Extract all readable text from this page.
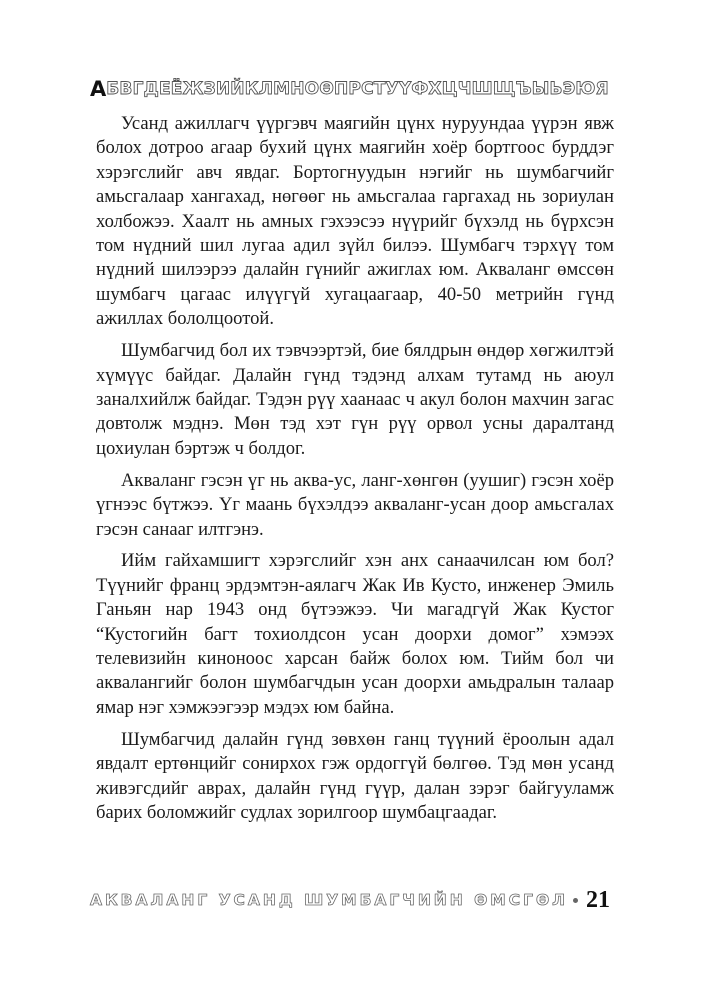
А БВГДЕЁЖЗИЙКЛМНОӨПРСТУҮФХЦЧШЩЪЫЬЭЮЯ

Усанд ажиллагч үүргэвч маягийн цүнх нуруундаа үүрэн явж болох дотроо агаар бухий цүнх маягийн хоёр бортгоос бурддэг хэрэгслийг авч явдаг. Бортогнуудын нэгийг нь шумбагчийг амьсгалаар хангахад, нөгөөг нь амьсгалаа гаргахад нь зориулан холбожээ. Хаалт нь амных гэхээсээ нүүрийг бүхэлд нь бүрхсэн том нүдний шил лугаа адил зүйл билээ. Шумбагч тэрхүү том нүдний шилээрээ далайн гүнийг ажиглах юм. Акваланг өмссөн шумбагч цагаас илүүгүй хугацаагаар, 40-50 метрийн гүнд ажиллах бололцоотой.

Шумбагчид бол их тэвчээртэй, бие бялдрын өндөр хөгжилтэй хүмүүс байдаг. Далайн гүнд тэдэнд алхам тутамд нь аюул заналхийлж байдаг. Тэдэн рүү хаанаас ч акул болон махчин загас довтолж мэднэ. Мөн тэд хэт гүн рүү орвол усны даралтанд цохиулан бэртэж ч болдог.

Акваланг гэсэн үг нь аква-ус, ланг-хөнгөн (уушиг) гэсэн хоёр үгнээс бүтжээ. Үг маань бүхэлдээ акваланг-усан доор амьсгалах гэсэн санааг илтгэнэ.

Ийм гайхамшигт хэрэгслийг хэн анх санаачилсан юм бол? Түүнийг франц эрдэмтэн-аялагч Жак Ив Кусто, инженер Эмиль Ганьян нар 1943 онд бүтээжээ. Чи магадгүй Жак Кустог “Кустогийн багт тохиолдсон усан доорхи домог” хэмээх телевизийн киноноос харсан байж болох юм. Тийм бол чи аквалангийг болон шумбагчдын усан доорхи амьдралын талаар ямар нэг хэмжээгээр мэдэх юм байна.

Шумбагчид далайн гүнд зөвхөн ганц түүний ёроолын адал явдалт ертөнцийг сонирхох гэж ордоггүй бөлгөө. Тэд мөн усанд живэгсдийг аврах, далайн гүнд гүүр, далан зэрэг байгууламж барих боломжийг судлах зорилгоор шумбацгаадаг.

АКВАЛАНГ УСАНД ШУМБАГЧИЙН ӨМСГӨЛ 21
